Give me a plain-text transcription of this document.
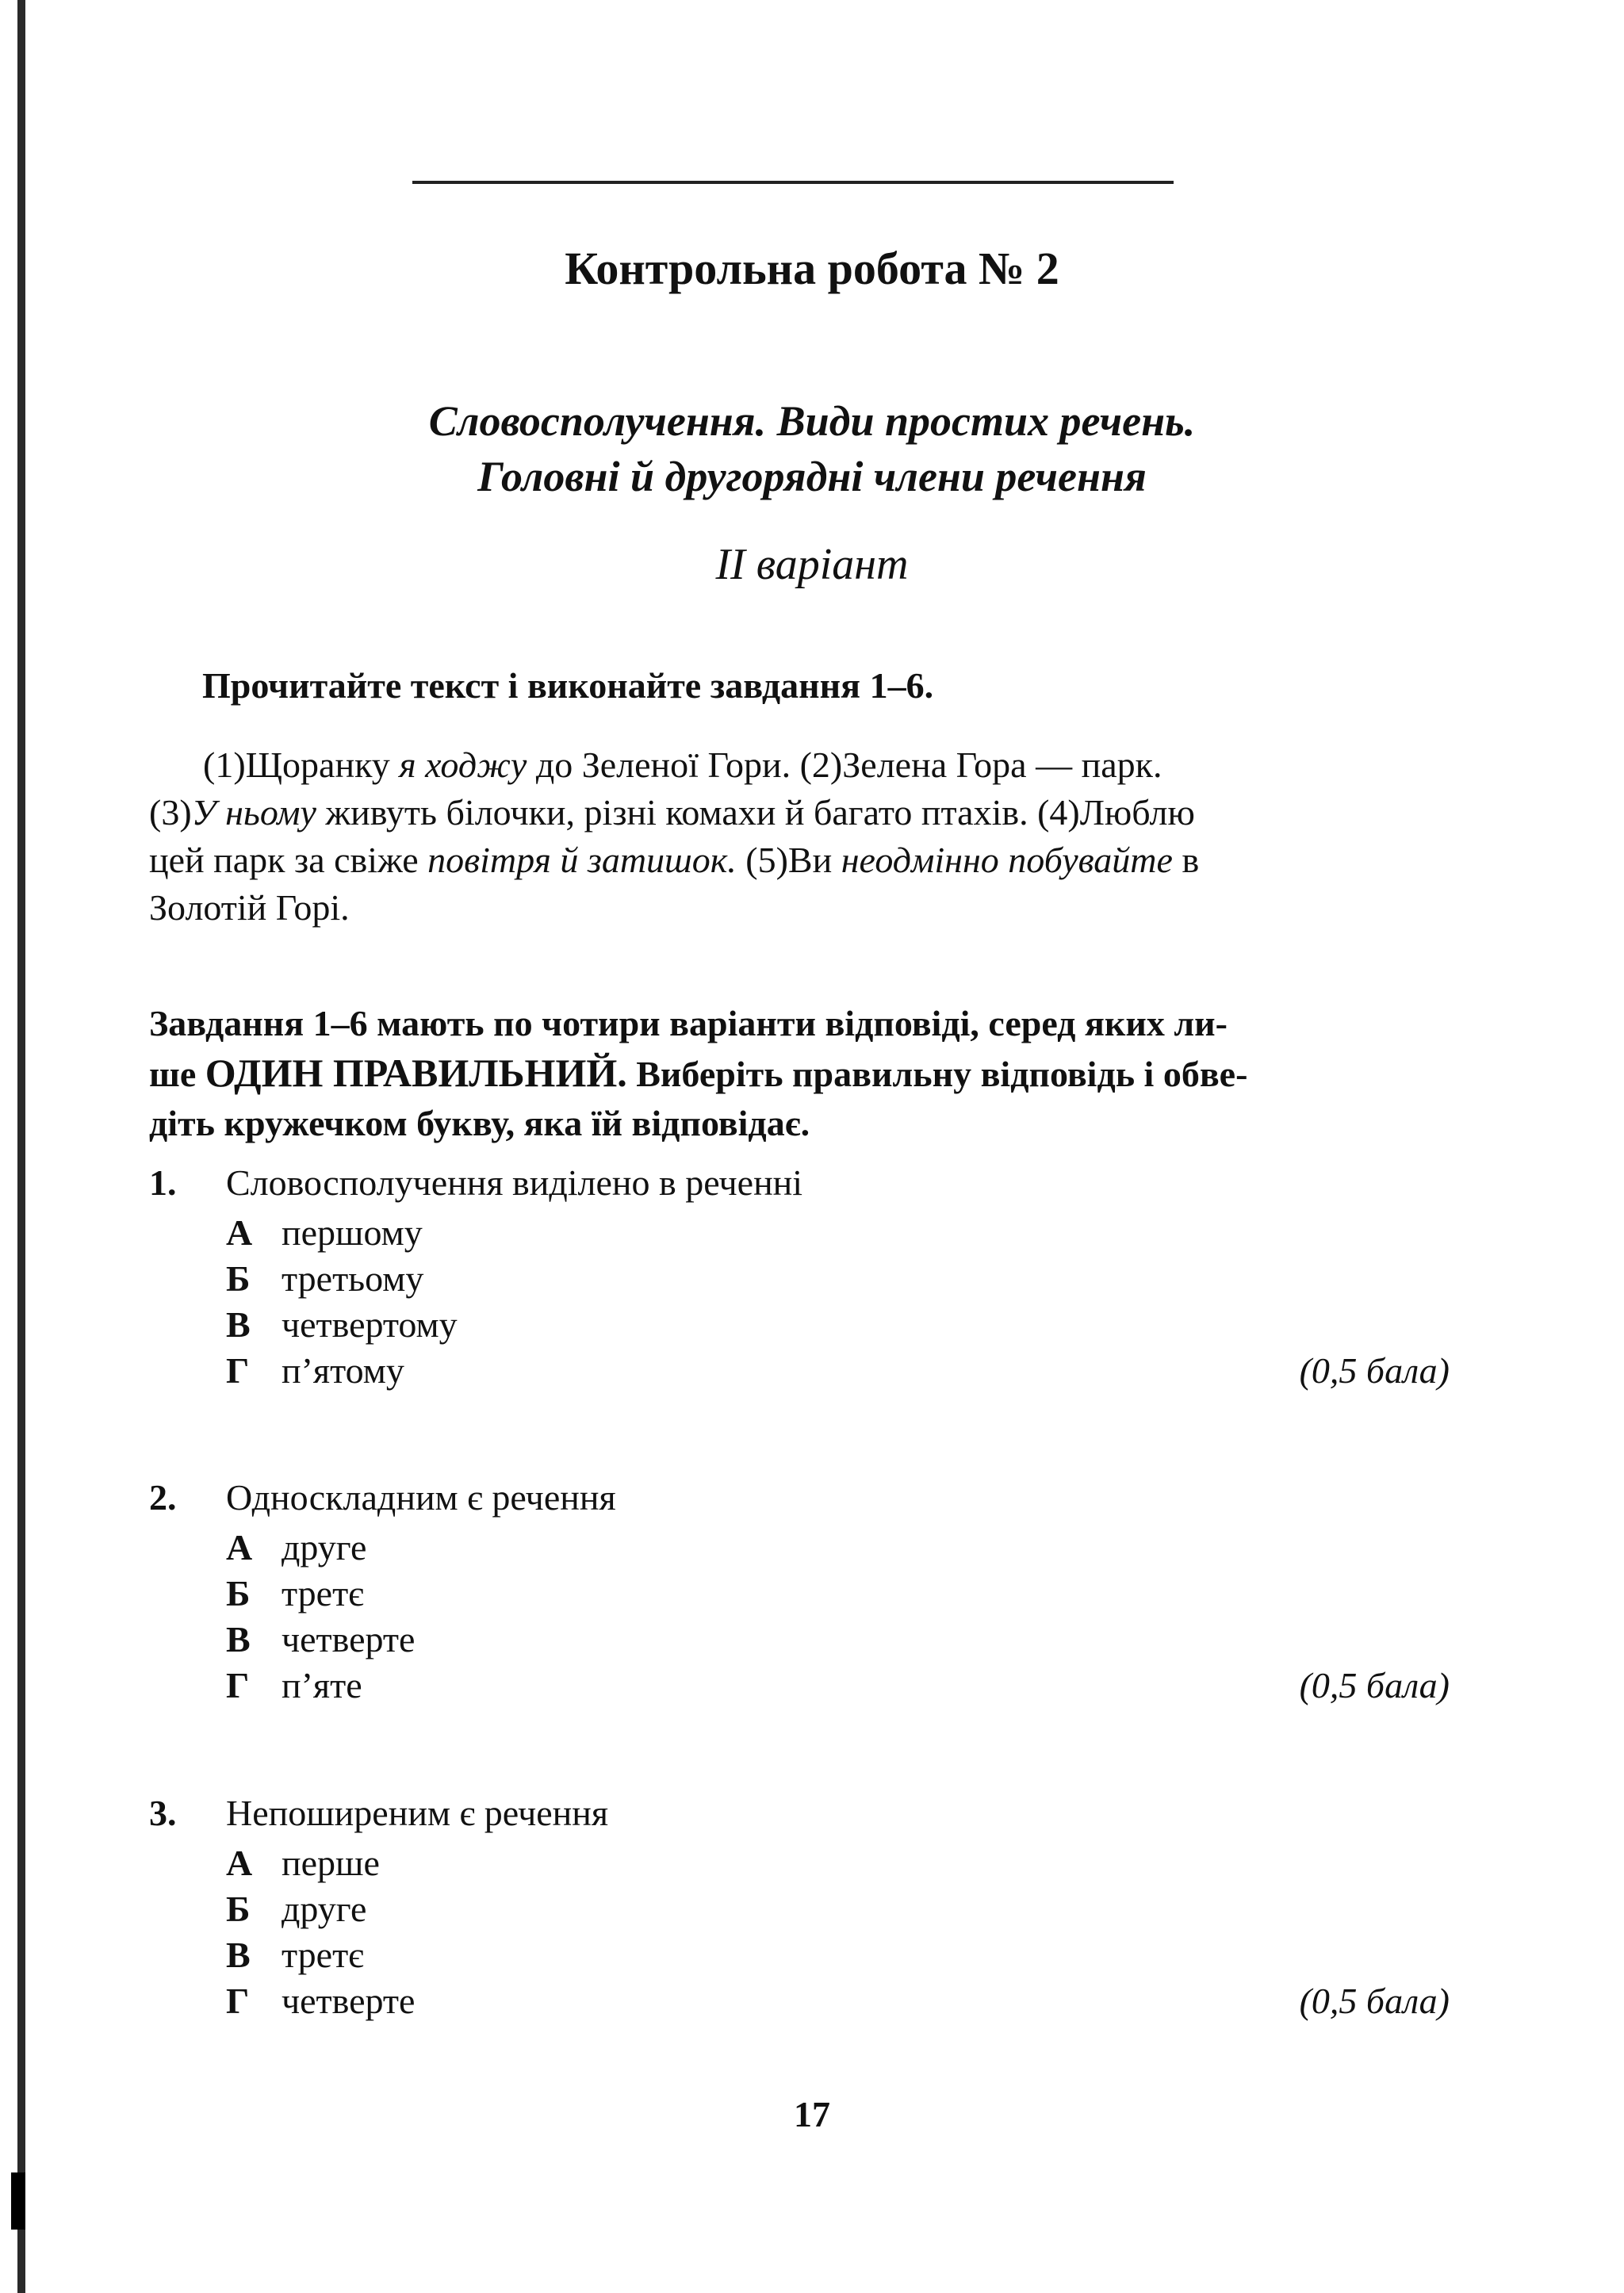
Контрольна робота № 2
Словосполучення. Види простих речень.
Головні й другорядні члени речення
II варіант
Прочитайте текст і виконайте завдання 1–6.

(1)Щоранку я ходжу до Зеленої Гори. (2)Зелена Гора — парк.

(3)У ньому живуть білочки, різні комахи й багато птахів. (4)Люблю

цей парк за свіже повітря й затишок. (5)Ви неодмінно побувайте в

Золотій Горі.

Завдання 1–6 мають по чотири варіанти відповіді, серед яких ли-

ше ОДИН ПРАВИЛЬНИЙ. Виберіть правильну відповідь і обве-

діть кружечком букву, яка їй відповідає.

1. Словосполучення виділено в реченні
А першому
Б третьому
В четвертому
Г п’ятому	(0,5 бала)
2. Односкладним є речення
А друге
Б третє
В четверте
Г п’яте	(0,5 бала)
3. Непоширеним є речення
А перше
Б друге
В третє
Г четверте	(0,5 бала)
17
